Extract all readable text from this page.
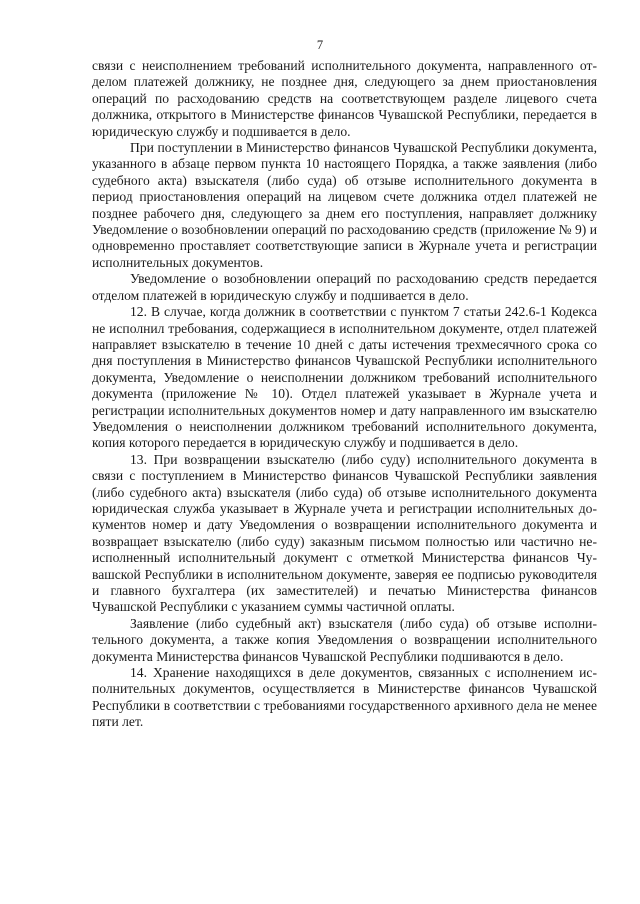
7

связи с неисполнением требований исполнительного документа, направленного отделом платежей должнику, не позднее дня, следующего за днем приостановления операций по расходованию средств на соответствующем разделе лицевого счета должника, открытого в Министерстве финансов Чувашской Республики, передается в юридическую службу и подшивается в дело.

При поступлении в Министерство финансов Чувашской Республики документа, указанного в абзаце первом пункта 10 настоящего Порядка, а также заявления (либо судебного акта) взыскателя (либо суда) об отзыве исполнительного документа в период приостановления операций на лицевом счете должника отдел платежей не позднее рабочего дня, следующего за днем его поступления, направляет должнику Уведомление о возобновлении операций по расходованию средств (приложение № 9) и одновременно проставляет соответствующие записи в Журнале учета и регистрации исполнительных документов.

Уведомление о возобновлении операций по расходованию средств передается отделом платежей в юридическую службу и подшивается в дело.

12. В случае, когда должник в соответствии с пунктом 7 статьи 242.6-1 Кодекса не исполнил требования, содержащиеся в исполнительном документе, отдел платежей направляет взыскателю в течение 10 дней с даты истечения трехмесячного срока со дня поступления в Министерство финансов Чувашской Республики исполнительного документа, Уведомление о неисполнении должником требований исполнительного документа (приложение № 10). Отдел платежей указывает в Журнале учета и регистрации исполнительных документов номер и дату направленного им взыскателю Уведомления о неисполнении должником требований исполнительного документа, копия которого передается в юридическую службу и подшивается в дело.

13. При возвращении взыскателю (либо суду) исполнительного документа в связи с поступлением в Министерство финансов Чувашской Республики заявления (либо судебного акта) взыскателя (либо суда) об отзыве исполнительного документа юридическая служба указывает в Журнале учета и регистрации исполнительных документов номер и дату Уведомления о возвращении исполнительного документа и возвращает взыскателю (либо суду) заказным письмом полностью или частично неисполненный исполнительный документ с отметкой Министерства финансов Чувашской Республики в исполнительном документе, заверяя ее подписью руководителя и главного бухгалтера (их заместителей) и печатью Министерства финансов Чувашской Республики с указанием суммы частичной оплаты.

Заявление (либо судебный акт) взыскателя (либо суда) об отзыве исполнительного документа, а также копия Уведомления о возвращении исполнительного документа Министерства финансов Чувашской Республики подшиваются в дело.

14. Хранение находящихся в деле документов, связанных с исполнением исполнительных документов, осуществляется в Министерстве финансов Чувашской Республики в соответствии с требованиями государственного архивного дела не менее пяти лет.
